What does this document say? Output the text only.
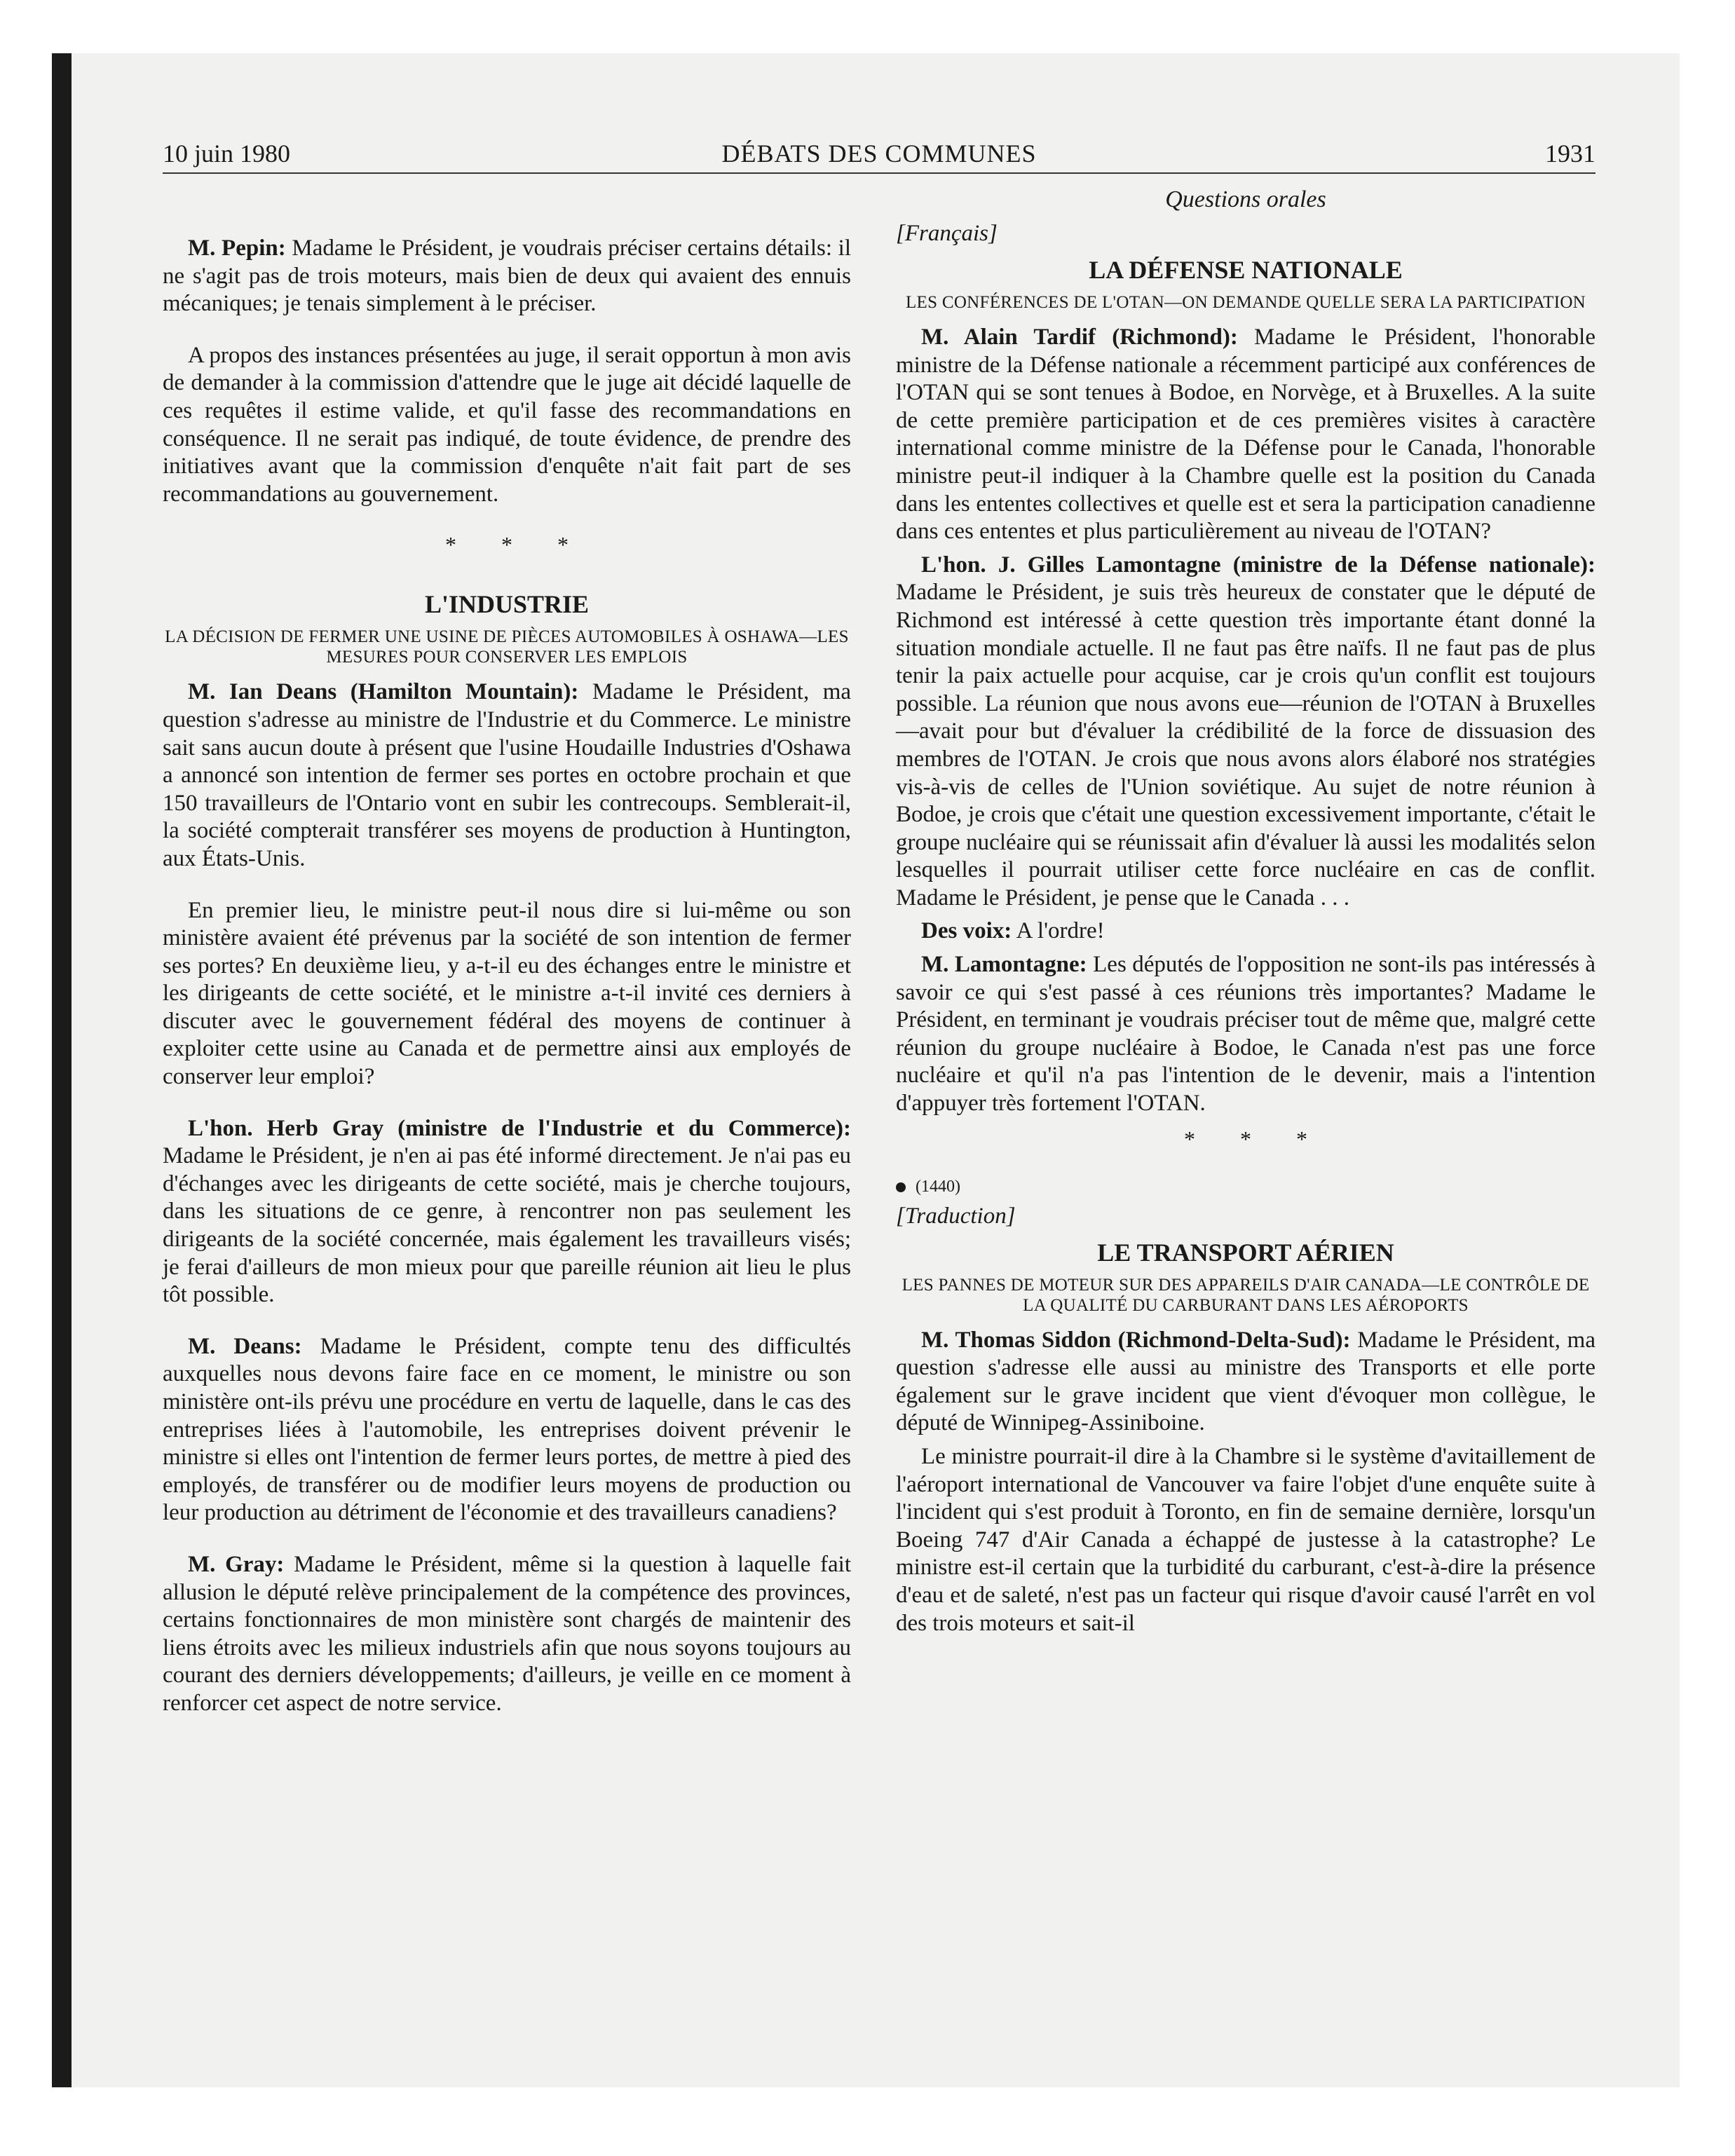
10 juin 1980	DÉBATS DES COMMUNES	1931

M. Pepin: Madame le Président, je voudrais préciser certains détails: il ne s'agit pas de trois moteurs, mais bien de deux qui avaient des ennuis mécaniques; je tenais simplement à le préciser.

A propos des instances présentées au juge, il serait opportun à mon avis de demander à la commission d'attendre que le juge ait décidé laquelle de ces requêtes il estime valide, et qu'il fasse des recommandations en conséquence. Il ne serait pas indiqué, de toute évidence, de prendre des initiatives avant que la commission d'enquête n'ait fait part de ses recommandations au gouvernement.

* * *
L'INDUSTRIE
LA DÉCISION DE FERMER UNE USINE DE PIÈCES AUTOMOBILES À OSHAWA—LES MESURES POUR CONSERVER LES EMPLOIS

M. Ian Deans (Hamilton Mountain): Madame le Président, ma question s'adresse au ministre de l'Industrie et du Commerce. Le ministre sait sans aucun doute à présent que l'usine Houdaille Industries d'Oshawa a annoncé son intention de fermer ses portes en octobre prochain et que 150 travailleurs de l'Ontario vont en subir les contrecoups. Semblerait-il, la société compterait transférer ses moyens de production à Huntington, aux États-Unis.

En premier lieu, le ministre peut-il nous dire si lui-même ou son ministère avaient été prévenus par la société de son intention de fermer ses portes? En deuxième lieu, y a-t-il eu des échanges entre le ministre et les dirigeants de cette société, et le ministre a-t-il invité ces derniers à discuter avec le gouvernement fédéral des moyens de continuer à exploiter cette usine au Canada et de permettre ainsi aux employés de conserver leur emploi?

L'hon. Herb Gray (ministre de l'Industrie et du Commerce): Madame le Président, je n'en ai pas été informé directement. Je n'ai pas eu d'échanges avec les dirigeants de cette société, mais je cherche toujours, dans les situations de ce genre, à rencontrer non pas seulement les dirigeants de la société concernée, mais également les travailleurs visés; je ferai d'ailleurs de mon mieux pour que pareille réunion ait lieu le plus tôt possible.

M. Deans: Madame le Président, compte tenu des difficultés auxquelles nous devons faire face en ce moment, le ministre ou son ministère ont-ils prévu une procédure en vertu de laquelle, dans le cas des entreprises liées à l'automobile, les entreprises doivent prévenir le ministre si elles ont l'intention de fermer leurs portes, de mettre à pied des employés, de transférer ou de modifier leurs moyens de production ou leur production au détriment de l'économie et des travailleurs canadiens?

M. Gray: Madame le Président, même si la question à laquelle fait allusion le député relève principalement de la compétence des provinces, certains fonctionnaires de mon ministère sont chargés de maintenir des liens étroits avec les milieux industriels afin que nous soyons toujours au courant des derniers développements; d'ailleurs, je veille en ce moment à renforcer cet aspect de notre service.

Questions orales
[Français]
LA DÉFENSE NATIONALE
LES CONFÉRENCES DE L'OTAN—ON DEMANDE QUELLE SERA LA PARTICIPATION

M. Alain Tardif (Richmond): Madame le Président, l'honorable ministre de la Défense nationale a récemment participé aux conférences de l'OTAN qui se sont tenues à Bodoe, en Norvège, et à Bruxelles. A la suite de cette première participation et de ces premières visites à caractère international comme ministre de la Défense pour le Canada, l'honorable ministre peut-il indiquer à la Chambre quelle est la position du Canada dans les ententes collectives et quelle est et sera la participation canadienne dans ces ententes et plus particulièrement au niveau de l'OTAN?

L'hon. J. Gilles Lamontagne (ministre de la Défense nationale): Madame le Président, je suis très heureux de constater que le député de Richmond est intéressé à cette question très importante étant donné la situation mondiale actuelle. Il ne faut pas être naïfs. Il ne faut pas de plus tenir la paix actuelle pour acquise, car je crois qu'un conflit est toujours possible. La réunion que nous avons eue—réunion de l'OTAN à Bruxelles—avait pour but d'évaluer la crédibilité de la force de dissuasion des membres de l'OTAN. Je crois que nous avons alors élaboré nos stratégies vis-à-vis de celles de l'Union soviétique. Au sujet de notre réunion à Bodoe, je crois que c'était une question excessivement importante, c'était le groupe nucléaire qui se réunissait afin d'évaluer là aussi les modalités selon lesquelles il pourrait utiliser cette force nucléaire en cas de conflit. Madame le Président, je pense que le Canada . . .

Des voix: A l'ordre!

M. Lamontagne: Les députés de l'opposition ne sont-ils pas intéressés à savoir ce qui s'est passé à ces réunions très importantes? Madame le Président, en terminant je voudrais préciser tout de même que, malgré cette réunion du groupe nucléaire à Bodoe, le Canada n'est pas une force nucléaire et qu'il n'a pas l'intention de le devenir, mais a l'intention d'appuyer très fortement l'OTAN.

* * *
(1440)
[Traduction]
LE TRANSPORT AÉRIEN
LES PANNES DE MOTEUR SUR DES APPAREILS D'AIR CANADA—LE CONTRÔLE DE LA QUALITÉ DU CARBURANT DANS LES AÉROPORTS

M. Thomas Siddon (Richmond-Delta-Sud): Madame le Président, ma question s'adresse elle aussi au ministre des Transports et elle porte également sur le grave incident que vient d'évoquer mon collègue, le député de Winnipeg-Assiniboine.

Le ministre pourrait-il dire à la Chambre si le système d'avitaillement de l'aéroport international de Vancouver va faire l'objet d'une enquête suite à l'incident qui s'est produit à Toronto, en fin de semaine dernière, lorsqu'un Boeing 747 d'Air Canada a échappé de justesse à la catastrophe? Le ministre est-il certain que la turbidité du carburant, c'est-à-dire la présence d'eau et de saleté, n'est pas un facteur qui risque d'avoir causé l'arrêt en vol des trois moteurs et sait-il
